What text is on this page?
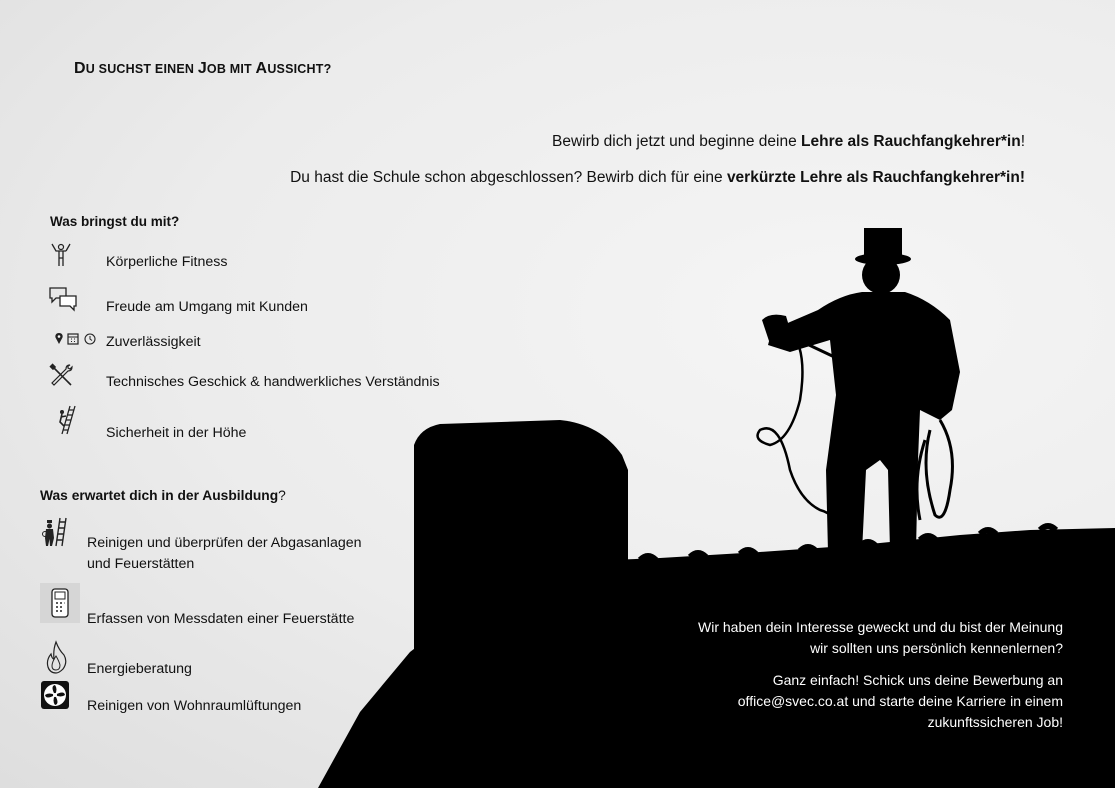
DU SUCHST EINEN JOB MIT AUSSICHT?
Bewirb dich jetzt und beginne deine Lehre als Rauchfangkehrer*in!
Du hast die Schule schon abgeschlossen? Bewirb dich für eine verkürzte Lehre als Rauchfangkehrer*in!
Was bringst du mit?
Körperliche Fitness
Freude am Umgang mit Kunden
Zuverlässigkeit
Technisches Geschick & handwerkliches Verständnis
Sicherheit in der Höhe
Was erwartet dich in der Ausbildung?
Reinigen und überprüfen der Abgasanlagen
und Feuerstätten
Erfassen von Messdaten einer Feuerstätte
Energieberatung
Reinigen von Wohnraumlüftungen

Wir haben dein Interesse geweckt und du bist der Meinung

wir sollten uns persönlich kennenlernen?

Ganz einfach! Schick uns deine Bewerbung an

office@svec.co.at und starte deine Karriere in einem

zukunftssicheren Job!
